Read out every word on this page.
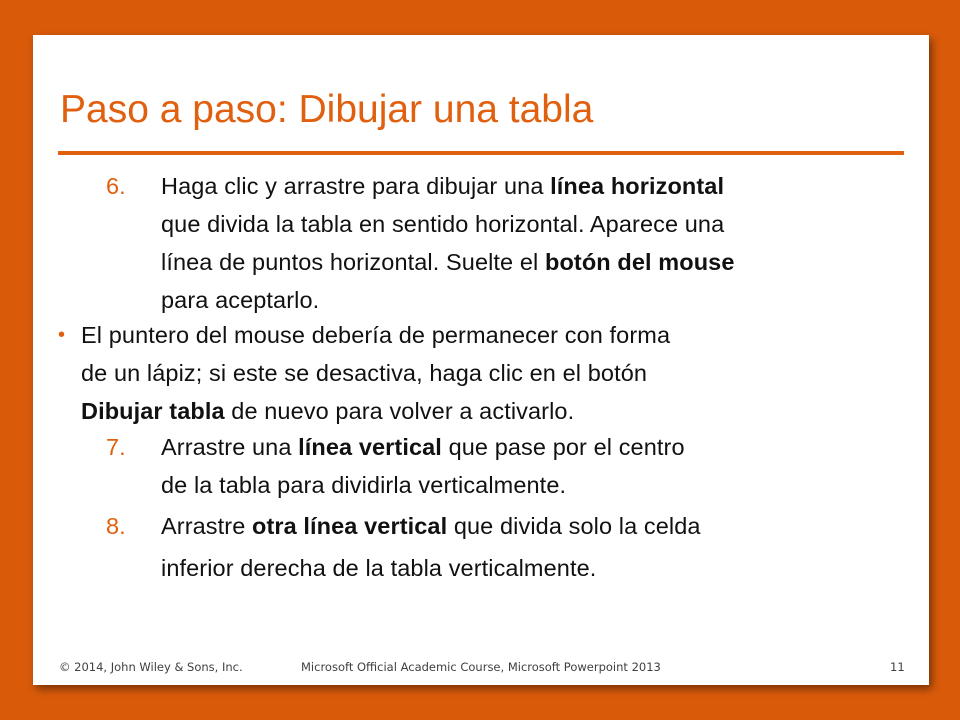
Paso a paso: Dibujar una tabla
6. Haga clic y arrastre para dibujar una línea horizontal
que divida la tabla en sentido horizontal. Aparece una
línea de puntos horizontal. Suelte el botón del mouse
para aceptarlo.
• El puntero del mouse debería de permanecer con forma
de un lápiz; si este se desactiva, haga clic en el botón
Dibujar tabla de nuevo para volver a activarlo.
7. Arrastre una línea vertical que pase por el centro
de la tabla para dividirla verticalmente.
8. Arrastre otra línea vertical que divida solo la celda
inferior derecha de la tabla verticalmente.
© 2014, John Wiley & Sons, Inc.	Microsoft Official Academic Course, Microsoft Powerpoint 2013	11
